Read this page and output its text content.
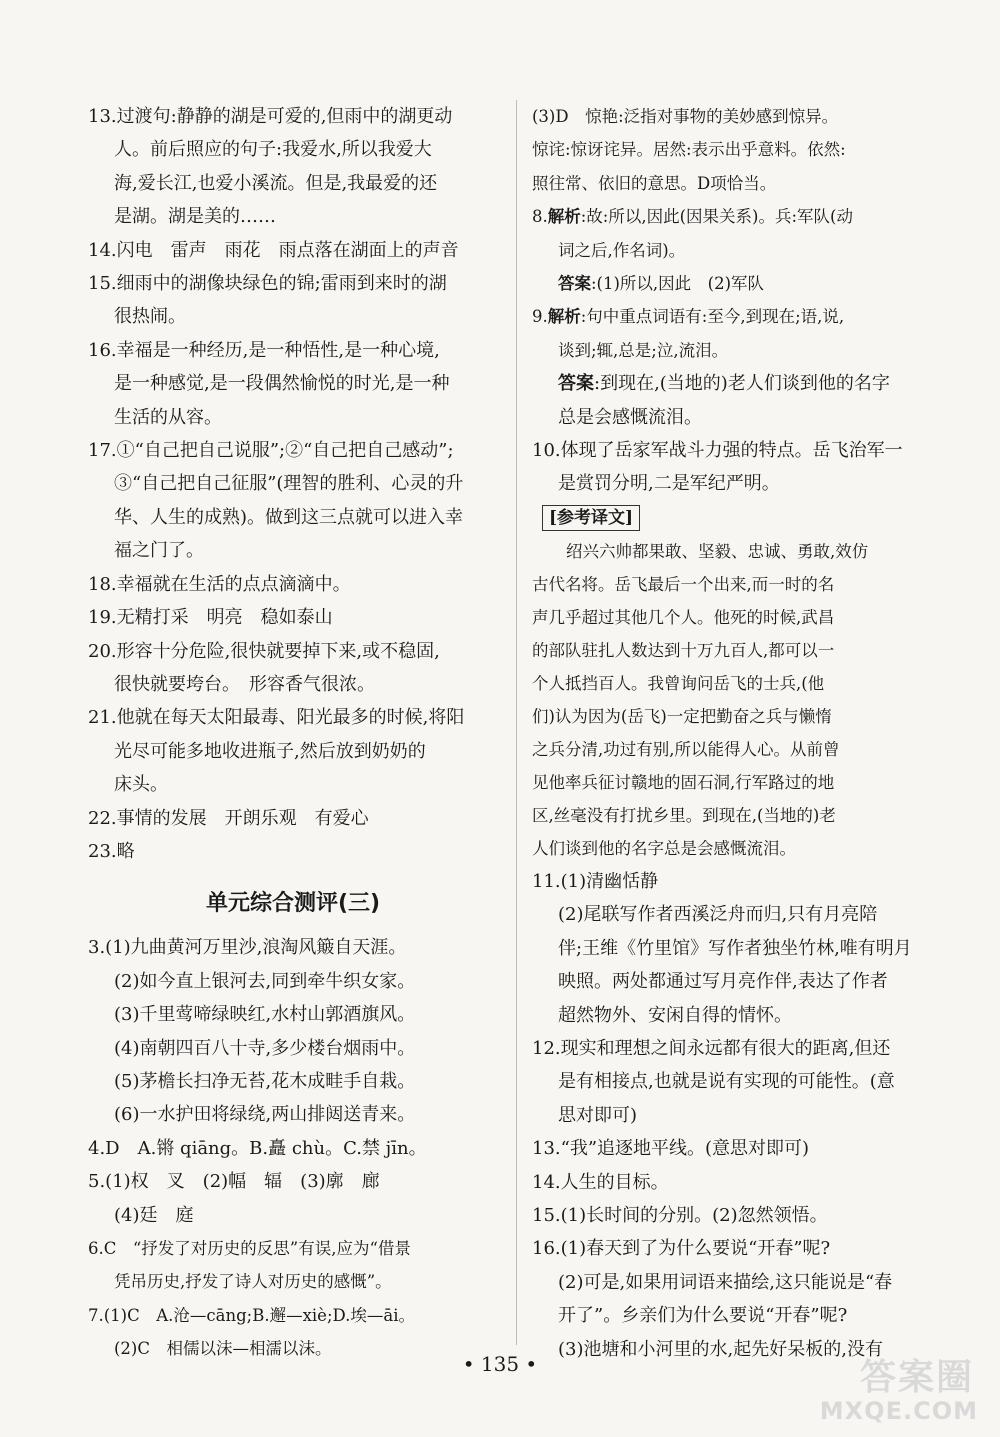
13.过渡句:静静的湖是可爱的,但雨中的湖更动

人。前后照应的句子:我爱水,所以我爱大

海,爱长江,也爱小溪流。但是,我最爱的还

是湖。湖是美的……

14.闪电　雷声　雨花　雨点落在湖面上的声音

15.细雨中的湖像块绿色的锦;雷雨到来时的湖

很热闹。

16.幸福是一种经历,是一种悟性,是一种心境,

是一种感觉,是一段偶然愉悦的时光,是一种

生活的从容。

17.①“自己把自己说服”;②“自己把自己感动”;

③“自己把自己征服”(理智的胜利、心灵的升

华、人生的成熟)。做到这三点就可以进入幸

福之门了。

18.幸福就在生活的点点滴滴中。

19.无精打采　明亮　稳如泰山

20.形容十分危险,很快就要掉下来,或不稳固,

很快就要垮台。　形容香气很浓。

21.他就在每天太阳最毒、阳光最多的时候,将阳

光尽可能多地收进瓶子,然后放到奶奶的

床头。

22.事情的发展　开朗乐观　有爱心

23.略

单元综合测评(三)

3.(1)九曲黄河万里沙,浪淘风簸自天涯。

(2)如今直上银河去,同到牵牛织女家。

(3)千里莺啼绿映红,水村山郭酒旗风。

(4)南朝四百八十寺,多少楼台烟雨中。

(5)茅檐长扫净无苔,花木成畦手自栽。

(6)一水护田将绿绕,两山排闼送青来。

4.D　A.锵 qiāng。B.矗 chù。C.禁 jīn。

5.(1)权　叉　(2)幅　辐　(3)廓　廊

(4)廷　庭

6.C　“抒发了对历史的反思”有误,应为“借景

凭吊历史,抒发了诗人对历史的感慨”。

7.(1)C　A.沧—cāng;B.邂—xiè;D.埃—āi。

(2)C　相儒以沫—相濡以沫。

(3)D　惊艳:泛指对事物的美妙感到惊异。

惊诧:惊讶诧异。居然:表示出乎意料。依然:

照往常、依旧的意思。D项恰当。

8.解析:故:所以,因此(因果关系)。兵:军队(动

词之后,作名词)。

答案:(1)所以,因此　(2)军队

9.解析:句中重点词语有:至今,到现在;语,说,

谈到;辄,总是;泣,流泪。

答案:到现在,(当地的)老人们谈到他的名字

总是会感慨流泪。

10.体现了岳家军战斗力强的特点。岳飞治军一

是赏罚分明,二是军纪严明。

[参考译文]

绍兴六帅都果敢、坚毅、忠诚、勇敢,效仿

古代名将。岳飞最后一个出来,而一时的名

声几乎超过其他几个人。他死的时候,武昌

的部队驻扎人数达到十万九百人,都可以一

个人抵挡百人。我曾询问岳飞的士兵,(他

们)认为因为(岳飞)一定把勤奋之兵与懒惰

之兵分清,功过有别,所以能得人心。从前曾

见他率兵征讨赣地的固石洞,行军路过的地

区,丝毫没有打扰乡里。到现在,(当地的)老

人们谈到他的名字总是会感慨流泪。

11.(1)清幽恬静

(2)尾联写作者西溪泛舟而归,只有月亮陪

伴;王维《竹里馆》写作者独坐竹林,唯有明月

映照。两处都通过写月亮作伴,表达了作者

超然物外、安闲自得的情怀。

12.现实和理想之间永远都有很大的距离,但还

是有相接点,也就是说有实现的可能性。(意

思对即可)

13.“我”追逐地平线。(意思对即可)

14.人生的目标。

15.(1)长时间的分别。(2)忽然领悟。

16.(1)春天到了为什么要说“开春”呢?

(2)可是,如果用词语来描绘,这只能说是“春

开了”。乡亲们为什么要说“开春”呢?

(3)池塘和小河里的水,起先好呆板的,没有

• 135 •	答案圈
MXQE.COM
